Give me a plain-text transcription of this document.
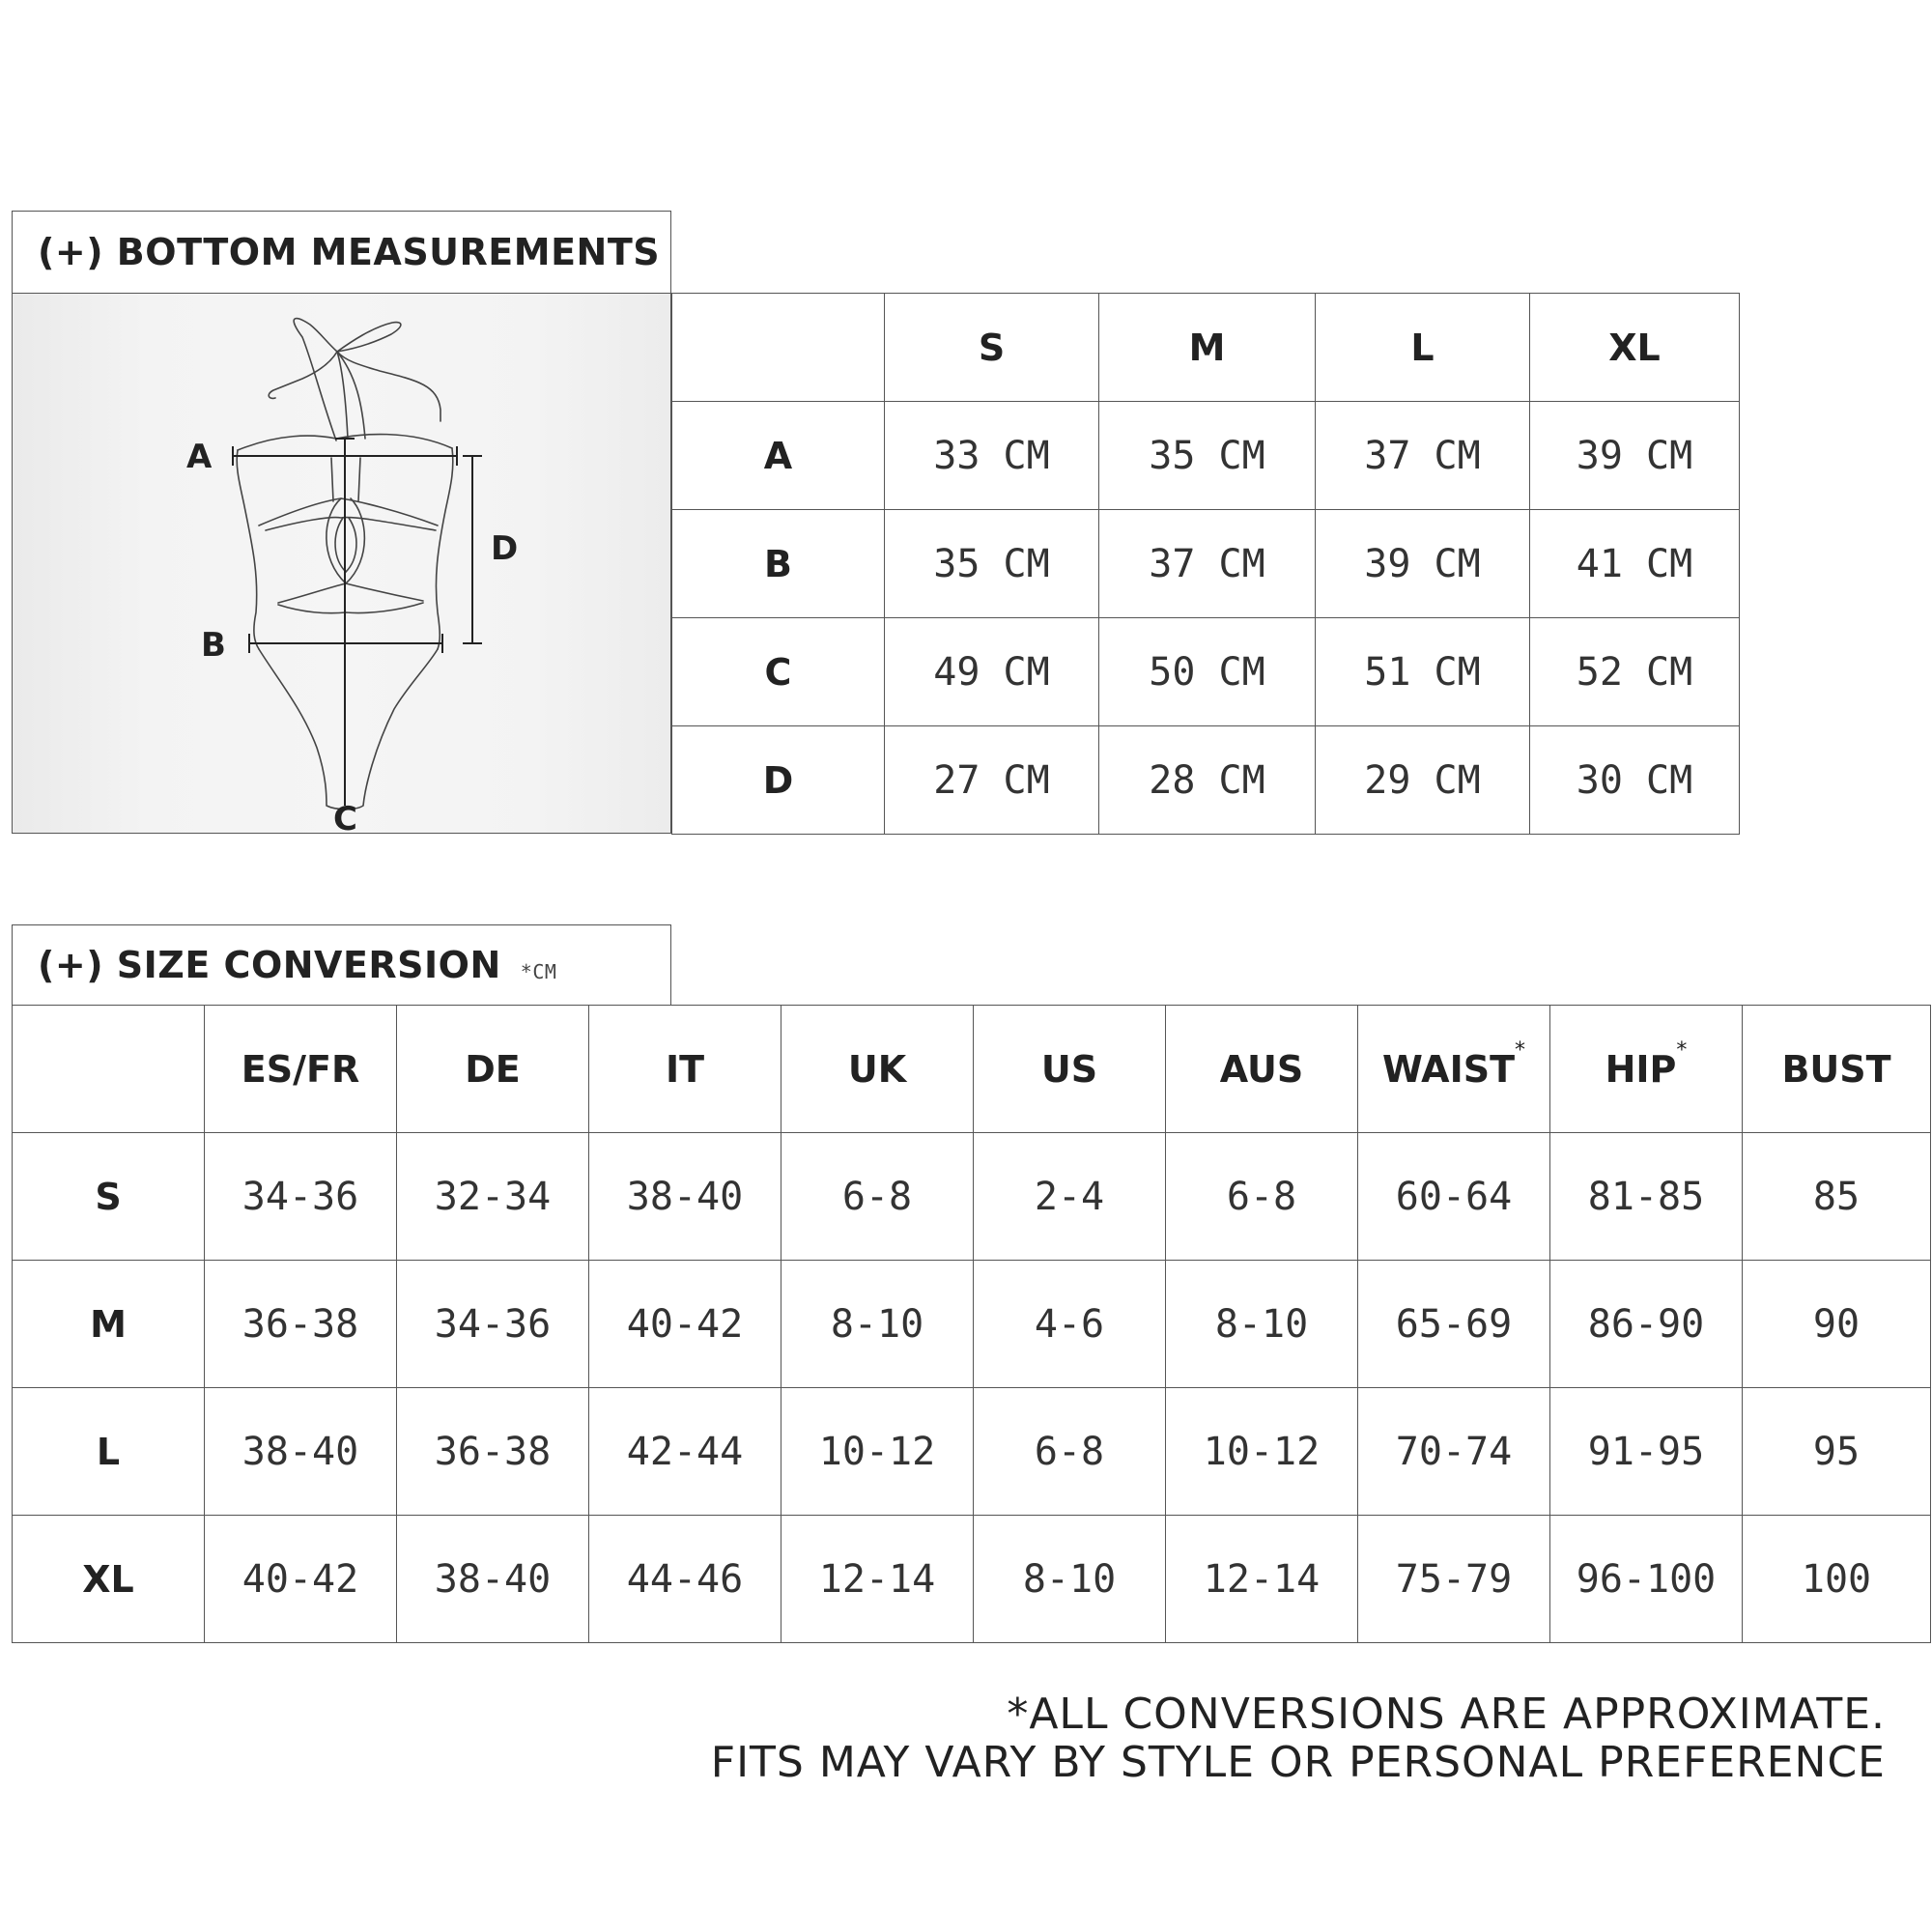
(+) BOTTOM MEASUREMENTS
A
B
C
D
	S	M	L	XL
A	33 CM	35 CM	37 CM	39 CM
B	35 CM	37 CM	39 CM	41 CM
C	49 CM	50 CM	51 CM	52 CM
D	27 CM	28 CM	29 CM	30 CM
(+) SIZE CONVERSION *CM
	ES/FR	DE	IT	UK	US	AUS	WAIST*	HIP*	BUST
S	34-36	32-34	38-40	6-8	2-4	6-8	60-64	81-85	85
M	36-38	34-36	40-42	8-10	4-6	8-10	65-69	86-90	90
L	38-40	36-38	42-44	10-12	6-8	10-12	70-74	91-95	95
XL	40-42	38-40	44-46	12-14	8-10	12-14	75-79	96-100	100
*ALL CONVERSIONS ARE APPROXIMATE.
FITS MAY VARY BY STYLE OR PERSONAL PREFERENCE
